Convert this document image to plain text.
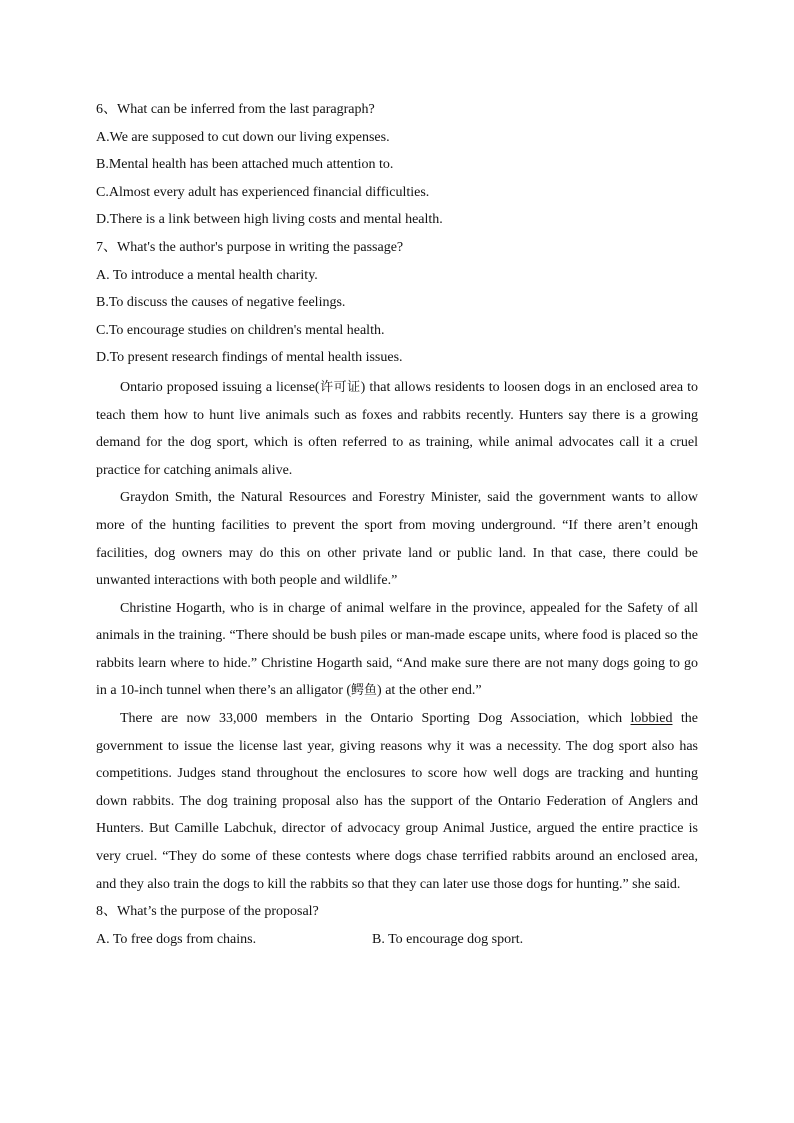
6、What can be inferred from the last paragraph?
A.We are supposed to cut down our living expenses.
B.Mental health has been attached much attention to.
C.Almost every adult has experienced financial difficulties.
D.There is a link between high living costs and mental health.
7、What's the author's purpose in writing the passage?
A. To introduce a mental health charity.
B.To discuss the causes of negative feelings.
C.To encourage studies on children's mental health.
D.To present research findings of mental health issues.

Ontario proposed issuing a license(许可证) that allows residents to loosen dogs in an enclosed area to teach them how to hunt live animals such as foxes and rabbits recently. Hunters say there is a growing demand for the dog sport, which is often referred to as training, while animal advocates call it a cruel practice for catching animals alive.

Graydon Smith, the Natural Resources and Forestry Minister, said the government wants to allow more of the hunting facilities to prevent the sport from moving underground. “If there aren’t enough facilities, dog owners may do this on other private land or public land. In that case, there could be unwanted interactions with both people and wildlife.”

Christine Hogarth, who is in charge of animal welfare in the province, appealed for the Safety of all animals in the training. “There should be bush piles or man-made escape units, where food is placed so the rabbits learn where to hide.” Christine Hogarth said, “And make sure there are not many dogs going to go in a 10-inch tunnel when there’s an alligator (鳄鱼) at the other end.”

There are now 33,000 members in the Ontario Sporting Dog Association, which lobbied the government to issue the license last year, giving reasons why it was a necessity. The dog sport also has competitions. Judges stand throughout the enclosures to score how well dogs are tracking and hunting down rabbits. The dog training proposal also has the support of the Ontario Federation of Anglers and Hunters. But Camille Labchuk, director of advocacy group Animal Justice, argued the entire practice is very cruel. “They do some of these contests where dogs chase terrified rabbits around an enclosed area, and they also train the dogs to kill the rabbits so that they can later use those dogs for hunting.” she said.

8、What’s the purpose of the proposal?
A. To free dogs from chains.	B. To encourage dog sport.
